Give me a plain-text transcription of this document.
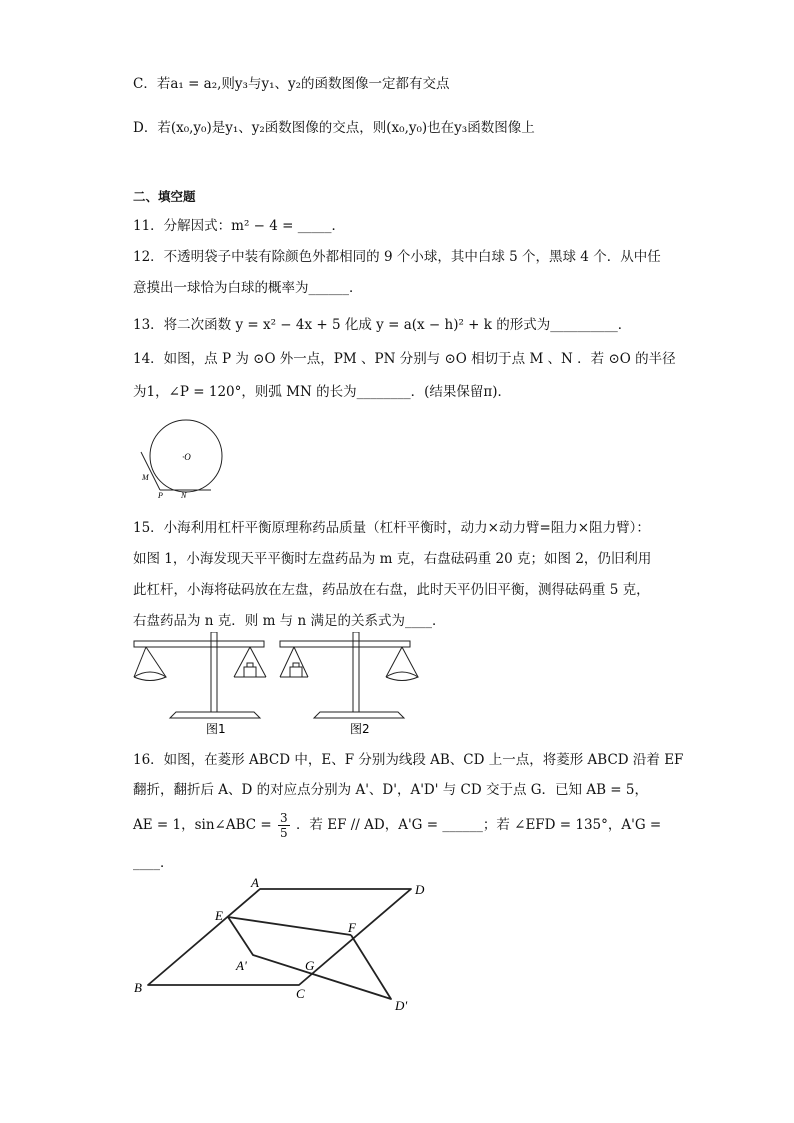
C．若a₁ = a₂,则y₃与y₁、y₂的函数图像一定都有交点
D．若(x₀,y₀)是y₁、y₂函数图像的交点，则(x₀,y₀)也在y₃函数图像上
二、填空题
11．分解因式：m² − 4 = _____．
12．不透明袋子中装有除颜色外都相同的 9 个小球，其中白球 5 个，黑球 4 个．从中任
意摸出一球恰为白球的概率为______．
13．将二次函数 y = x² − 4x + 5 化成 y = a(x − h)² + k 的形式为__________．
14．如图，点 P 为 ⊙O 外一点，PM 、PN 分别与 ⊙O 相切于点 M 、N ．若 ⊙O 的半径
为1，∠P = 120°，则弧 MN 的长为________．(结果保留π)．
·O
M
P N
15．小海利用杠杆平衡原理称药品质量（杠杆平衡时，动力×动力臂=阻力×阻力臂）：
如图 1，小海发现天平平衡时左盘药品为 m 克，右盘砝码重 20 克；如图 2，仍旧利用
此杠杆，小海将砝码放在左盘，药品放在右盘，此时天平仍旧平衡，测得砝码重 5 克，
右盘药品为 n 克．则 m 与 n 满足的关系式为____．
图1	图2
16．如图，在菱形 ABCD 中，E、F 分别为线段 AB、CD 上一点，将菱形 ABCD 沿着 EF
翻折，翻折后 A、D 的对应点分别为 A'、D'，A'D' 与 CD 交于点 G．已知 AB = 5，
AE = 1，sin∠ABC = $\frac{3}{5}$ ．若 EF // AD，A'G = ______；若 ∠EFD = 135°，A'G =
____．
A	D
E
F
A'	G
B	C
D'
